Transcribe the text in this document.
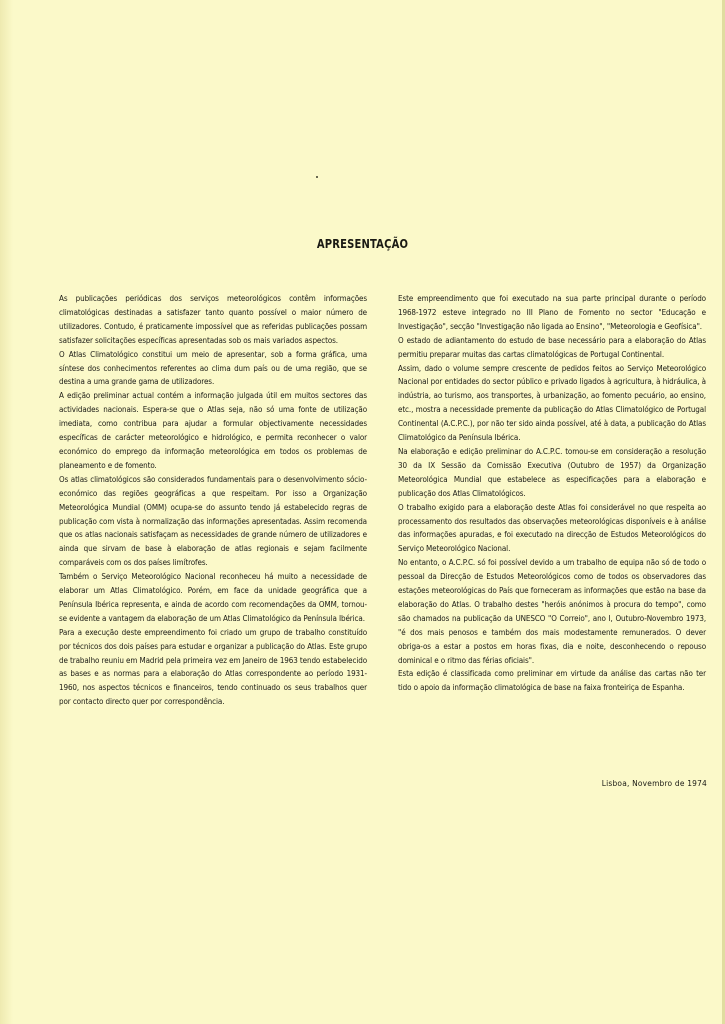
APRESENTAÇÃO

As publicações periódicas dos serviços meteorológicos contêm informações climatológicas destinadas a satisfazer tanto quanto possível o maior número de utilizadores. Contudo, é praticamente impossível que as referidas publicações possam satisfazer solicitações específicas apresentadas sob os mais variados aspectos.

O Atlas Climatológico constitui um meio de apresentar, sob a forma gráfica, uma síntese dos conhecimentos referentes ao clima dum país ou de uma região, que se destina a uma grande gama de utilizadores.

A edição preliminar actual contém a informação julgada útil em muitos sectores das actividades nacionais. Espera-se que o Atlas seja, não só uma fonte de utilização imediata, como contribua para ajudar a formular objectivamente necessidades específicas de carácter meteorológico e hidrológico, e permita reconhecer o valor económico do emprego da informação meteorológica em todos os problemas de planeamento e de fomento.

Os atlas climatológicos são considerados fundamentais para o desenvolvimento sócio-económico das regiões geográficas a que respeitam. Por isso a Organização Meteorológica Mundial (OMM) ocupa-se do assunto tendo já estabelecido regras de publicação com vista à normalização das informações apresentadas. Assim recomenda que os atlas nacionais satisfaçam as necessidades de grande número de utilizadores e ainda que sirvam de base à elaboração de atlas regionais e sejam facilmente comparáveis com os dos países limítrofes.

Também o Serviço Meteorológico Nacional reconheceu há muito a necessidade de elaborar um Atlas Climatológico. Porém, em face da unidade geográfica que a Península Ibérica representa, e ainda de acordo com recomendações da OMM, tornou-se evidente a vantagem da elaboração de um Atlas Climatológico da Península Ibérica.

Para a execução deste empreendimento foi criado um grupo de trabalho constituído por técnicos dos dois países para estudar e organizar a publicação do Atlas. Este grupo de trabalho reuniu em Madrid pela primeira vez em Janeiro de 1963 tendo estabelecido as bases e as normas para a elaboração do Atlas correspondente ao período 1931-1960, nos aspectos técnicos e financeiros, tendo continuado os seus trabalhos quer por contacto directo quer por correspondência.

Este empreendimento que foi executado na sua parte principal durante o período 1968-1972 esteve integrado no III Plano de Fomento no sector "Educação e Investigação", secção "Investigação não ligada ao Ensino", "Meteorologia e Geofísica".

O estado de adiantamento do estudo de base necessário para a elaboração do Atlas permitiu preparar muitas das cartas climatológicas de Portugal Continental.

Assim, dado o volume sempre crescente de pedidos feitos ao Serviço Meteorológico Nacional por entidades do sector público e privado ligados à agricultura, à hidráulica, à indústria, ao turismo, aos transportes, à urbanização, ao fomento pecuário, ao ensino, etc., mostra a necessidade premente da publicação do Atlas Climatológico de Portugal Continental (A.C.P.C.), por não ter sido ainda possível, até à data, a publicação do Atlas Climatológico da Península Ibérica.

Na elaboração e edição preliminar do A.C.P.C. tomou-se em consideração a resolução 30 da IX Sessão da Comissão Executiva (Outubro de 1957) da Organização Meteorológica Mundial que estabelece as especificações para a elaboração e publicação dos Atlas Climatológicos.

O trabalho exigido para a elaboração deste Atlas foi considerável no que respeita ao processamento dos resultados das observações meteorológicas disponíveis e à análise das informações apuradas, e foi executado na direcção de Estudos Meteorológicos do Serviço Meteorológico Nacional.

No entanto, o A.C.P.C. só foi possível devido a um trabalho de equipa não só de todo o pessoal da Direcção de Estudos Meteorológicos como de todos os observadores das estações meteorológicas do País que forneceram as informações que estão na base da elaboração do Atlas. O trabalho destes "heróis anónimos à procura do tempo", como são chamados na publicação da UNESCO "O Correio", ano I, Outubro-Novembro 1973, "é dos mais penosos e também dos mais modestamente remunerados. O dever obriga-os a estar a postos em horas fixas, dia e noite, desconhecendo o repouso dominical e o ritmo das férias oficiais".

Esta edição é classificada como preliminar em virtude da análise das cartas não ter tido o apoio da informação climatológica de base na faixa fronteiriça de Espanha.

Lisboa, Novembro de 1974
